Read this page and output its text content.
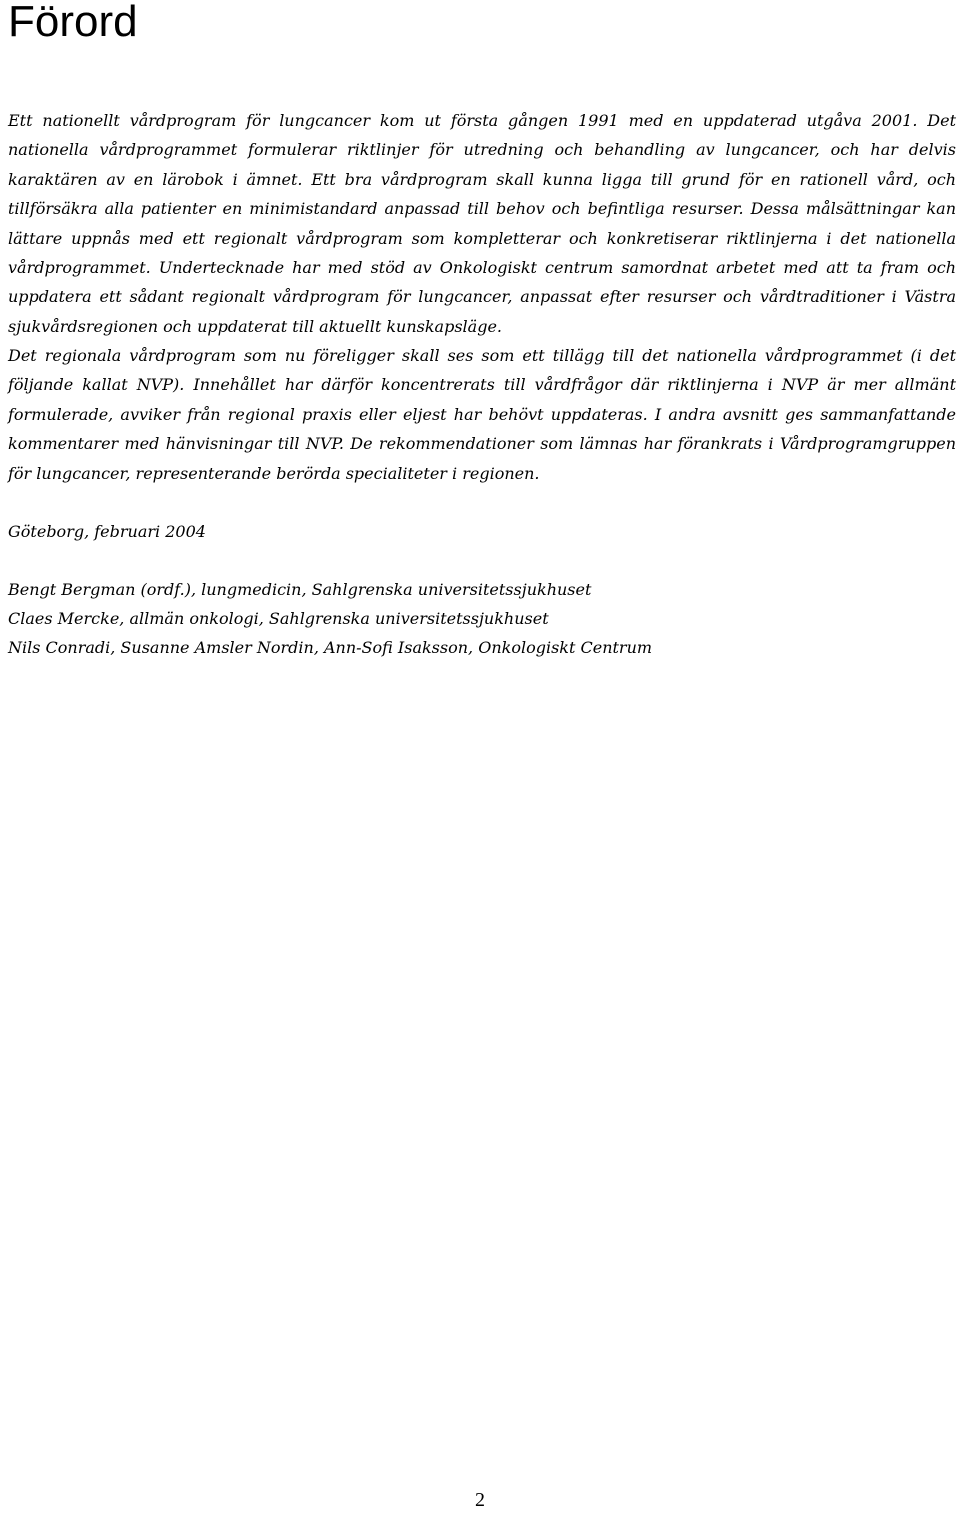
Förord

Ett nationellt vårdprogram för lungcancer kom ut första gången 1991 med en uppdaterad utgåva 2001. Det nationella vårdprogrammet formulerar riktlinjer för utredning och behandling av lungcancer, och har delvis karaktären av en lärobok i ämnet. Ett bra vårdprogram skall kunna ligga till grund för en rationell vård, och tillförsäkra alla patienter en minimistandard anpassad till behov och befintliga resurser. Dessa målsättningar kan lättare uppnås med ett regionalt vårdprogram som kompletterar och konkretiserar riktlinjerna i det nationella vårdprogrammet. Undertecknade har med stöd av Onkologiskt centrum samordnat arbetet med att ta fram och uppdatera ett sådant regionalt vårdprogram för lungcancer, anpassat efter resurser och vårdtraditioner i Västra sjukvårdsregionen och uppdaterat till aktuellt kunskapsläge.

Det regionala vårdprogram som nu föreligger skall ses som ett tillägg till det nationella vårdprogrammet (i det följande kallat NVP). Innehållet har därför koncentrerats till vårdfrågor där riktlinjerna i NVP är mer allmänt formulerade, avviker från regional praxis eller eljest har behövt uppdateras. I andra avsnitt ges sammanfattande kommentarer med hänvisningar till NVP. De rekommendationer som lämnas har förankrats i Vårdprogramgruppen för lungcancer, representerande berörda specialiteter i regionen.

Göteborg, februari 2004

Bengt Bergman (ordf.), lungmedicin, Sahlgrenska universitetssjukhuset
Claes Mercke, allmän onkologi, Sahlgrenska universitetssjukhuset
Nils Conradi, Susanne Amsler Nordin, Ann-Sofi Isaksson, Onkologiskt Centrum
2
